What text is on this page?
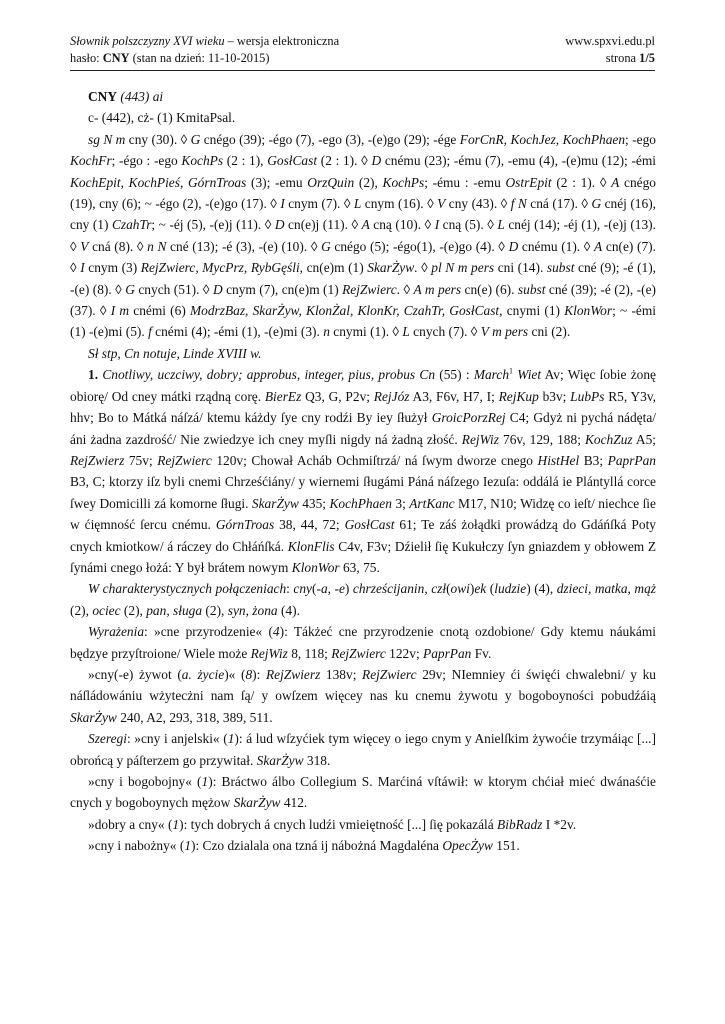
Słownik polszczyzny XVI wieku – wersja elektroniczna
hasło: CNY (stan na dzień: 11-10-2015)
www.spxvi.edu.pl
strona 1/5

CNY (443) ai

c- (442), cż- (1) KmitaPsal.

sg N m cny (30). ◊ G cnégo (39); -égo (7), -ego (3), -(e)go (29); -ége ForCnR, KochJez, KochPhaen; -ego KochFr; -égo : -ego KochPs (2 : 1), GosłCast (2 : 1). ◊ D cnému (23); -ému (7), -emu (4), -(e)mu (12); -émi KochEpit, KochPieś, GórnTroas (3); -emu OrzQuin (2), KochPs; -ému : -emu OstrEpit (2 : 1). ◊ A cnégo (19), cny (6); ~ -égo (2), -(e)go (17). ◊ I cnym (7). ◊ L cnym (16). ◊ V cny (43). ◊ f N cná (17). ◊ G cnéj (16), cny (1) CzahTr; ~ -éj (5), -(e)j (11). ◊ D cn(e)j (11). ◊ A cną (10). ◊ I cną (5). ◊ L cnéj (14); -éj (1), -(e)j (13). ◊ V cná (8). ◊ n N cné (13); -é (3), -(e) (10). ◊ G cnégo (5); -égo(1), -(e)go (4). ◊ D cnému (1). ◊ A cn(e) (7). ◊ I cnym (3) RejZwierc, MycPrz, RybGęśli, cn(e)m (1) SkarŻyw. ◊ pl N m pers cni (14). subst cné (9); -é (1), -(e) (8). ◊ G cnych (51). ◊ D cnym (7), cn(e)m (1) RejZwierc. ◊ A m pers cn(e) (6). subst cné (39); -é (2), -(e) (37). ◊ I m cnémi (6) ModrzBaz, SkarŻyw, KlonŻal, KlonKr, CzahTr, GosłCast, cnymi (1) KlonWor; ~ -émi (1) -(e)mi (5). f cnémi (4); -émi (1), -(e)mi (3). n cnymi (1). ◊ L cnych (7). ◊ V m pers cni (2).

Sł stp, Cn notuje, Linde XVIII w.

1. Cnotliwy, uczciwy, dobry; approbus, integer, pius, probus Cn (55) : March$^1$ Wiet Av; Więc ſobie żonę obiorę/ Od cney mátki rządną corę. BierEz Q3, G, P2v; RejJóz A3, F6v, H7, I; RejKup b3v; LubPs R5, Y3v, hhv; Bo to Mátká náſzá/ ktemu káżdy ſye cny rodźi By iey ſłużył GroicPorzRej C4; Gdyż ni pychá nádęta/ áni żadna zazdrość/ Nie zwiedzye ich cney myſli nigdy ná żadną złość. RejWiz 76v, 129, 188; KochZuz A5; RejZwierz 75v; RejZwierc 120v; Chował Acháb Ochmiſtrzá/ ná ſwym dworze cnego HistHel B3; PaprPan B3, C; ktorzy iſz byli cnemi Chrześćiány/ y wiernemi ſługámi Páná náſzego Iezuſa: oddálá ie Plántyllá corce ſwey Domicilli zá komorne ſługi. SkarŻyw 435; KochPhaen 3; ArtKanc M17, N10; Widzę co ieſt/ niechce ſie w ćięmność ſercu cnému. GórnTroas 38, 44, 72; GosłCast 61; Te záś żołądki prowádzą do Gdáńſká Poty cnych kmiotkow/ á ráczey do Chłáńſká. KlonFlis C4v, F3v; Dźielił ſię Kukułczy ſyn gniazdem y obłowem Z ſynámi cnego łożá: Y był brátem nowym KlonWor 63, 75.

W charakterystycznych połączeniach: cny(-a, -e) chrześcijanin, czł(owi)ek (ludzie) (4), dzieci, matka, mąż (2), ociec (2), pan, sługa (2), syn, żona (4).

Wyrażenia: »cne przyrodzenie« (4): Tákżeć cne przyrodzenie cnotą ozdobione/ Gdy ktemu náukámi będzye przyſtroione/ Wiele może RejWiz 8, 118; RejZwierc 122v; PaprPan Fv.

»cny(-e) żywot (a. życie)« (8): RejZwierz 138v; RejZwierc 29v; NIemniey ći święći chwalebni/ y ku náſládowániu wżytecżni nam ſą/ y owſzem więcey nas ku cnemu żywotu y bogoboyności pobudźáią SkarŻyw 240, A2, 293, 318, 389, 511.

Szeregi: »cny i anjelski« (1): á lud wſzyćiek tym więcey o iego cnym y Anielſkim żywoćie trzymáiąc [...] obrońcą y páſterzem go przywitał. SkarŻyw 318.

»cny i bogobojny« (1): Bráctwo álbo Collegium S. Marćiná vſtáwił: w ktorym chćiał mieć dwánaśćie cnych y bogoboynych mężow SkarŻyw 412.

»dobry a cny« (1): tych dobrych á cnych ludźi vmieiętność [...] ſię pokazálá BibRadz I *2v.

»cny i nabożny« (1): Czo dzialala ona tzná ij nábożná Magdaléna OpecŻyw 151.
